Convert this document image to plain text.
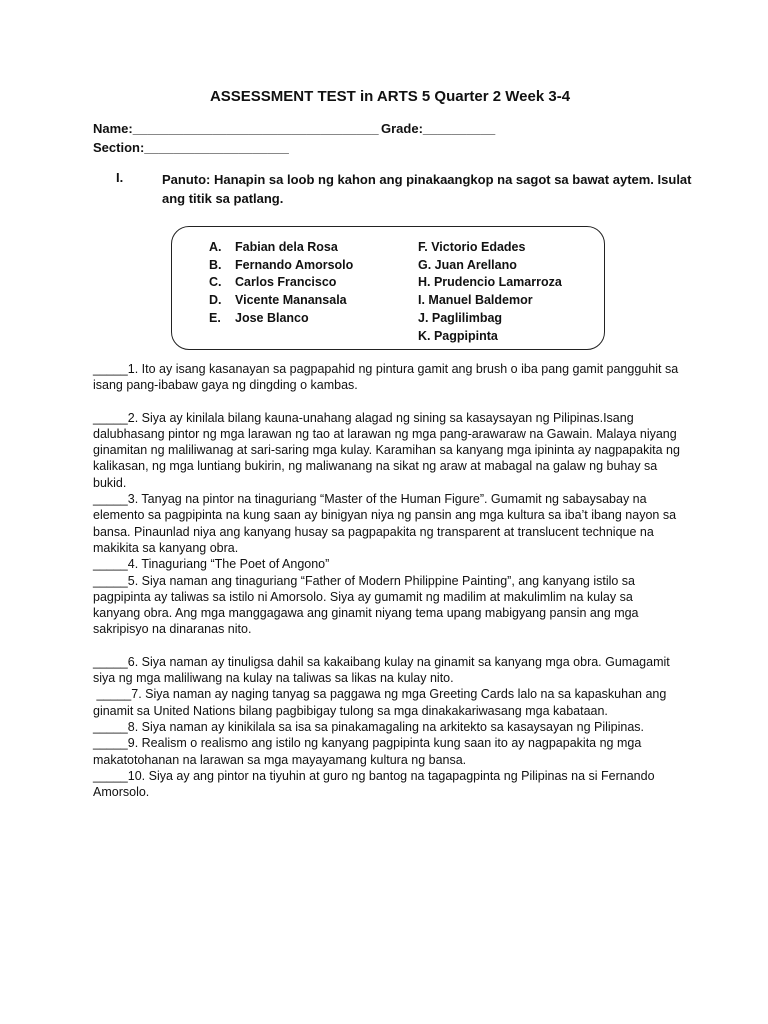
ASSESSMENT TEST in ARTS 5 Quarter 2 Week 3-4
Name:__________________________________ Grade:__________
Section:____________________
I.	Panuto: Hanapin sa loob ng kahon ang pinakaangkop na sagot sa bawat aytem. Isulat ang titik sa patlang.
A. Fabian dela Rosa
B. Fernando Amorsolo
C. Carlos Francisco
D. Vicente Manansala
E. Jose Blanco
F. Victorio Edades
G. Juan Arellano
H. Prudencio Lamarroza
I. Manuel Baldemor
J. Paglilimbag
K. Pagpipinta

_____1. Ito ay isang kasanayan sa pagpapahid ng pintura gamit ang brush o iba pang gamit pangguhit sa isang pang-ibabaw gaya ng dingding o kambas.

_____2. Siya ay kinilala bilang kauna-unahang alagad ng sining sa kasaysayan ng Pilipinas.Isang dalubhasang pintor ng mga larawan ng tao at larawan ng mga pang-arawaraw na Gawain. Malaya niyang ginamitan ng maliliwanag at sari-saring mga kulay. Karamihan sa kanyang mga ipininta ay nagpapakita ng kalikasan, ng mga luntiang bukirin, ng maliwanang na sikat ng araw at mabagal na galaw ng buhay sa bukid.

_____3. Tanyag na pintor na tinaguriang “Master of the Human Figure”. Gumamit ng sabaysabay na elemento sa pagpipinta na kung saan ay binigyan niya ng pansin ang mga kultura sa iba’t ibang nayon sa bansa. Pinaunlad niya ang kanyang husay sa pagpapakita ng transparent at translucent technique na makikita sa kanyang obra.

_____4. Tinaguriang “The Poet of Angono”

_____5. Siya naman ang tinaguriang “Father of Modern Philippine Painting”, ang kanyang istilo sa pagpipinta ay taliwas sa istilo ni Amorsolo. Siya ay gumamit ng madilim at makulimlim na kulay sa kanyang obra. Ang mga manggagawa ang ginamit niyang tema upang mabigyang pansin ang mga sakripisyo na dinaranas nito.

_____6. Siya naman ay tinuligsa dahil sa kakaibang kulay na ginamit sa kanyang mga obra. Gumagamit siya ng mga maliliwang na kulay na taliwas sa likas na kulay nito.

_____7. Siya naman ay naging tanyag sa paggawa ng mga Greeting Cards lalo na sa kapaskuhan ang ginamit sa United Nations bilang pagbibigay tulong sa mga dinakakariwasang mga kabataan.

_____8. Siya naman ay kinikilala sa isa sa pinakamagaling na arkitekto sa kasaysayan ng Pilipinas.

_____9. Realism o realismo ang istilo ng kanyang pagpipinta kung saan ito ay nagpapakita ng mga makatotohanan na larawan sa mga mayayamang kultura ng bansa.

_____10. Siya ay ang pintor na tiyuhin at guro ng bantog na tagapagpinta ng Pilipinas na si Fernando Amorsolo.
